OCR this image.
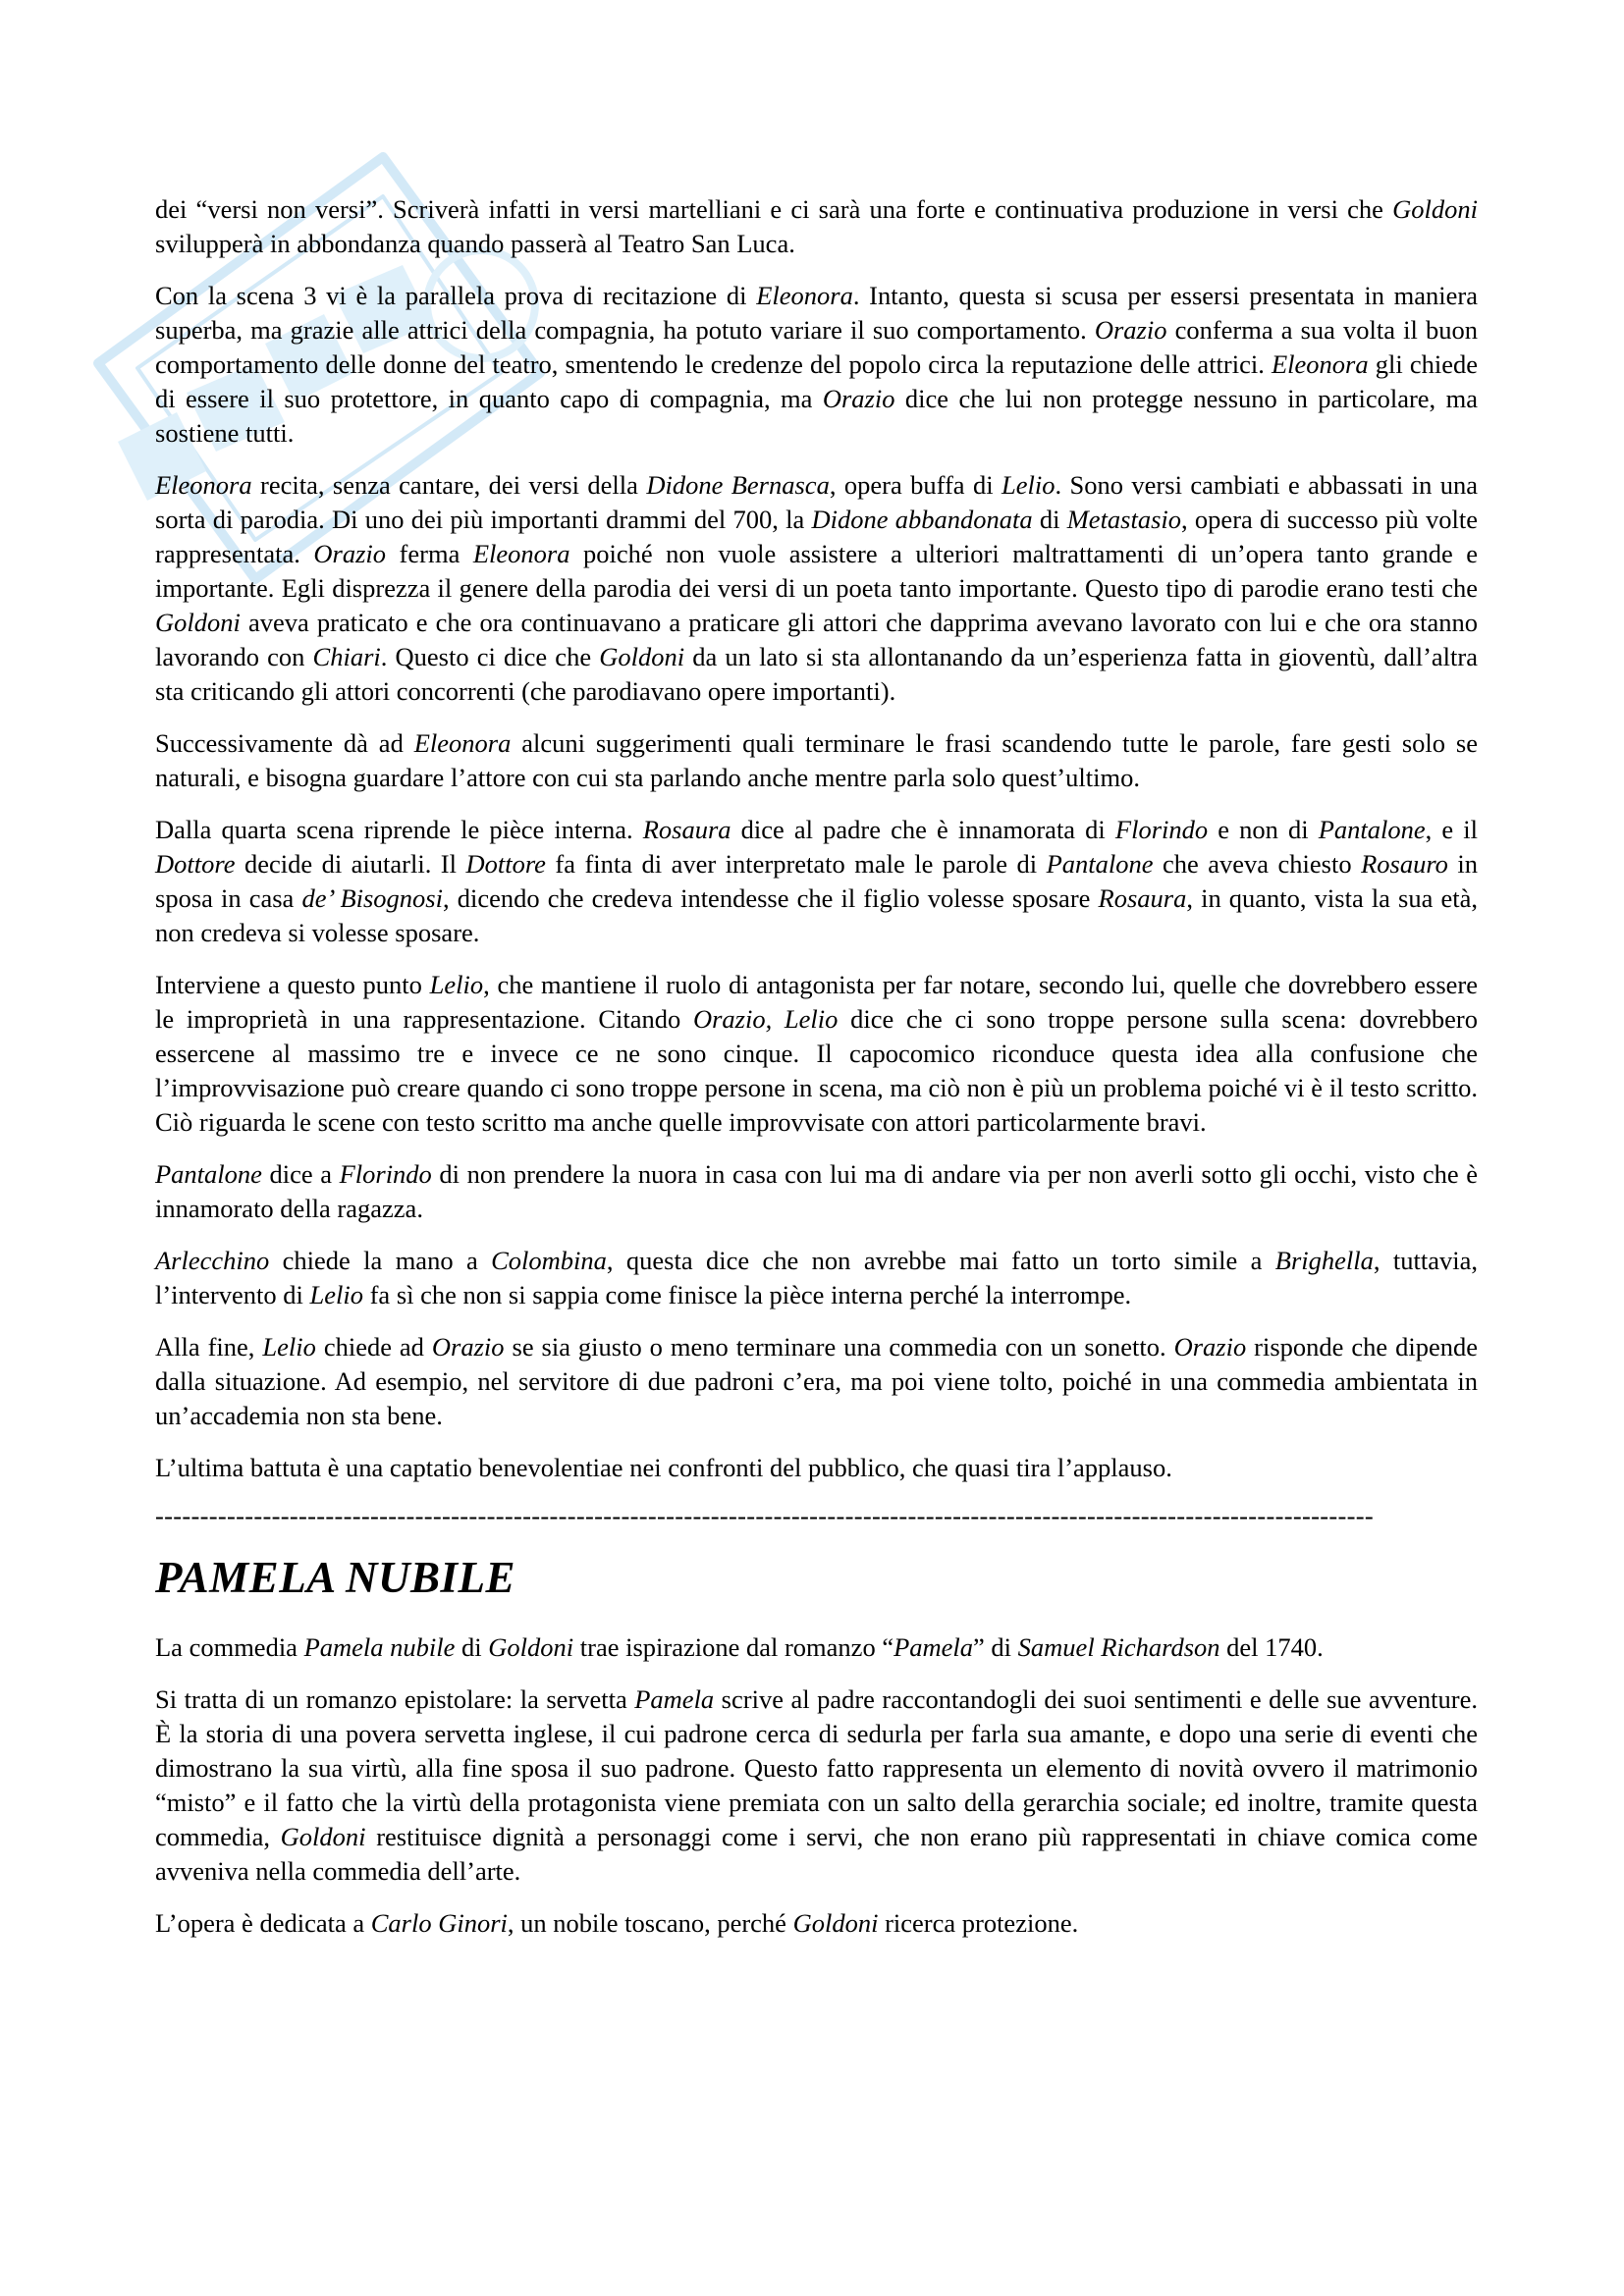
dei “versi non versi”. Scriverà infatti in versi martelliani e ci sarà una forte e continuativa produzione in versi che Goldoni svilupperà in abbondanza quando passerà al Teatro San Luca.

Con la scena 3 vi è la parallela prova di recitazione di Eleonora. Intanto, questa si scusa per essersi presentata in maniera superba, ma grazie alle attrici della compagnia, ha potuto variare il suo comportamento. Orazio conferma a sua volta il buon comportamento delle donne del teatro, smentendo le credenze del popolo circa la reputazione delle attrici. Eleonora gli chiede di essere il suo protettore, in quanto capo di compagnia, ma Orazio dice che lui non protegge nessuno in particolare, ma sostiene tutti.

Eleonora recita, senza cantare, dei versi della Didone Bernasca, opera buffa di Lelio. Sono versi cambiati e abbassati in una sorta di parodia. Di uno dei più importanti drammi del 700, la Didone abbandonata di Metastasio, opera di successo più volte rappresentata. Orazio ferma Eleonora poiché non vuole assistere a ulteriori maltrattamenti di un’opera tanto grande e importante. Egli disprezza il genere della parodia dei versi di un poeta tanto importante. Questo tipo di parodie erano testi che Goldoni aveva praticato e che ora continuavano a praticare gli attori che dapprima avevano lavorato con lui e che ora stanno lavorando con Chiari. Questo ci dice che Goldoni da un lato si sta allontanando da un’esperienza fatta in gioventù, dall’altra sta criticando gli attori concorrenti (che parodiavano opere importanti).

Successivamente dà ad Eleonora alcuni suggerimenti quali terminare le frasi scandendo tutte le parole, fare gesti solo se naturali, e bisogna guardare l’attore con cui sta parlando anche mentre parla solo quest’ultimo.

Dalla quarta scena riprende le pièce interna. Rosaura dice al padre che è innamorata di Florindo e non di Pantalone, e il Dottore decide di aiutarli. Il Dottore fa finta di aver interpretato male le parole di Pantalone che aveva chiesto Rosauro in sposa in casa de’ Bisognosi, dicendo che credeva intendesse che il figlio volesse sposare Rosaura, in quanto, vista la sua età, non credeva si volesse sposare.

Interviene a questo punto Lelio, che mantiene il ruolo di antagonista per far notare, secondo lui, quelle che dovrebbero essere le improprietà in una rappresentazione. Citando Orazio, Lelio dice che ci sono troppe persone sulla scena: dovrebbero essercene al massimo tre e invece ce ne sono cinque. Il capocomico riconduce questa idea alla confusione che l’improvvisazione può creare quando ci sono troppe persone in scena, ma ciò non è più un problema poiché vi è il testo scritto. Ciò riguarda le scene con testo scritto ma anche quelle improvvisate con attori particolarmente bravi.

Pantalone dice a Florindo di non prendere la nuora in casa con lui ma di andare via per non averli sotto gli occhi, visto che è innamorato della ragazza.

Arlecchino chiede la mano a Colombina, questa dice che non avrebbe mai fatto un torto simile a Brighella, tuttavia, l’intervento di Lelio fa sì che non si sappia come finisce la pièce interna perché la interrompe.

Alla fine, Lelio chiede ad Orazio se sia giusto o meno terminare una commedia con un sonetto. Orazio risponde che dipende dalla situazione. Ad esempio, nel servitore di due padroni c’era, ma poi viene tolto, poiché in una commedia ambientata in un’accademia non sta bene.

L’ultima battuta è una captatio benevolentiae nei confronti del pubblico, che quasi tira l’applauso.

----------------------------------------------------------------------------------------------------------------------------------------
PAMELA NUBILE

La commedia Pamela nubile di Goldoni trae ispirazione dal romanzo “Pamela” di Samuel Richardson del 1740.

Si tratta di un romanzo epistolare: la servetta Pamela scrive al padre raccontandogli dei suoi sentimenti e delle sue avventure. È la storia di una povera servetta inglese, il cui padrone cerca di sedurla per farla sua amante, e dopo una serie di eventi che dimostrano la sua virtù, alla fine sposa il suo padrone. Questo fatto rappresenta un elemento di novità ovvero il matrimonio “misto” e il fatto che la virtù della protagonista viene premiata con un salto della gerarchia sociale; ed inoltre, tramite questa commedia, Goldoni restituisce dignità a personaggi come i servi, che non erano più rappresentati in chiave comica come avveniva nella commedia dell’arte.

L’opera è dedicata a Carlo Ginori, un nobile toscano, perché Goldoni ricerca protezione.
